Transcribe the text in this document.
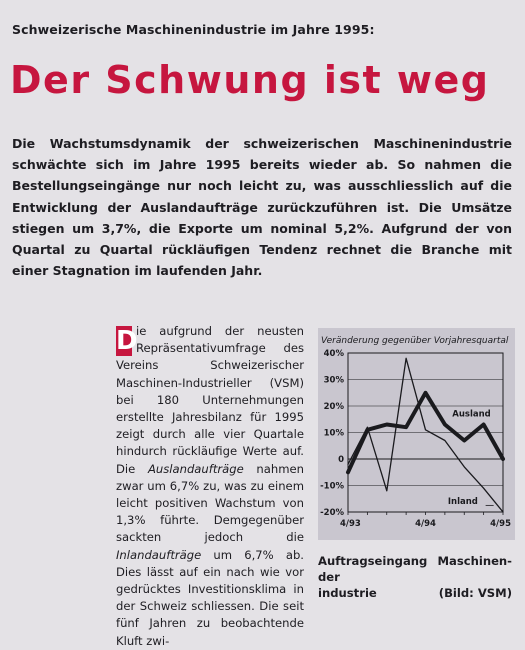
Schweizerische Maschinenindustrie im Jahre 1995:
Der Schwung ist weg
Die Wachstumsdynamik der schweizerischen Maschinenindustrie schwächte sich im Jahre 1995 bereits wieder ab. So nahmen die Bestellungseingänge nur noch leicht zu, was ausschliesslich auf die Entwicklung der Auslandaufträge zurückzuführen ist. Die Umsätze stiegen um 3,7%, die Exporte um nominal 5,2%. Aufgrund der von Quartal zu Quartal rückläufigen Tendenz rechnet die Branche mit einer Stagnation im laufenden Jahr.
D
ie aufgrund der neusten Repräsentativumfrage des Vereins Schweizerischer Maschinen-Industrieller (VSM) bei 180 Unternehmungen erstellte Jahresbilanz für 1995 zeigt durch alle vier Quartale hindurch rückläufige Werte auf. Die Auslandaufträge nahmen zwar um 6,7% zu, was zu einem leicht positiven Wachstum von 1,3% führte. Demgegenüber sackten jedoch die Inlandaufträge um 6,7% ab. Dies lässt auf ein nach wie vor gedrücktes Investitionsklima in der Schweiz schliessen. Die seit fünf Jahren zu beobachtende Kluft zwi-
Veränderung gegenüber Vorjahresquartal
40%
30%
20%
10%
0
-10%
-20%
4/93	4/94	4/95
Ausland
Inland
Auftragseingang der
Maschinen-
industrie	(Bild: VSM)
